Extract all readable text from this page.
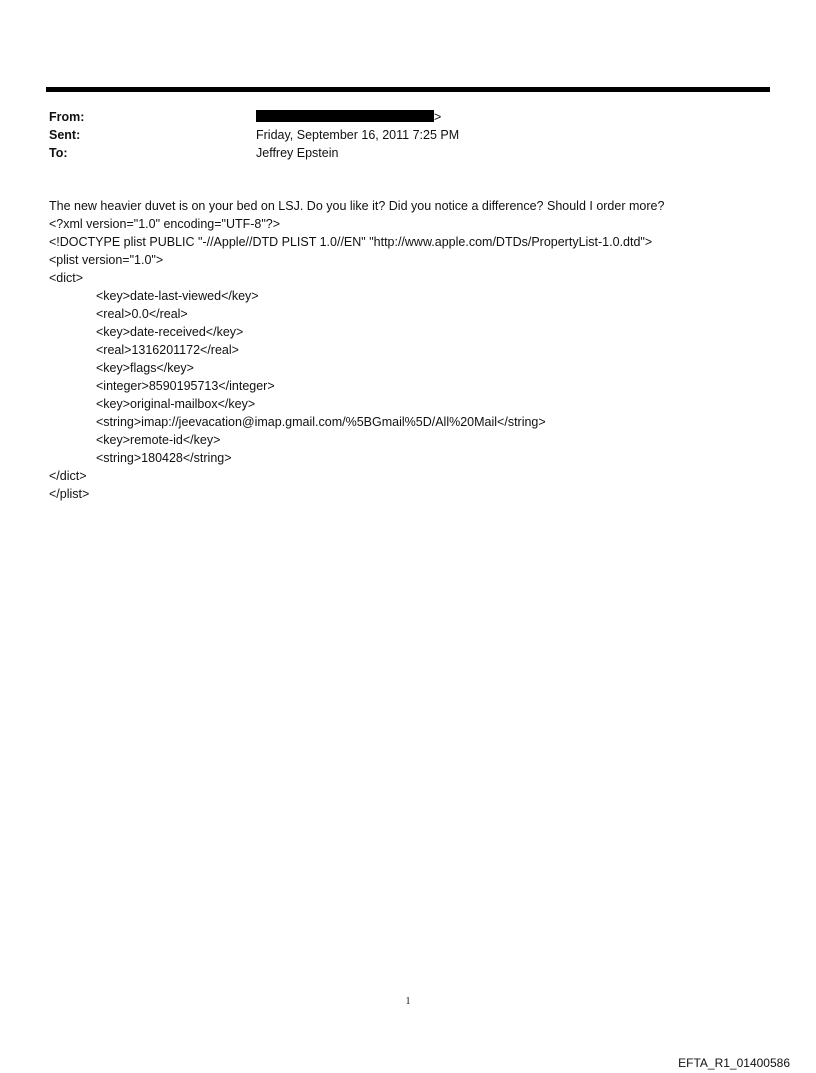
From:	>
Sent:	Friday, September 16, 2011 7:25 PM
To:	Jeffrey Epstein
The new heavier duvet is on your bed on LSJ. Do you like it? Did you notice a difference? Should I order more?
<?xml version="1.0" encoding="UTF-8"?>
<!DOCTYPE plist PUBLIC "-//Apple//DTD PLIST 1.0//EN" "http://www.apple.com/DTDs/PropertyList-1.0.dtd">
<plist version="1.0">
<dict>
<key>date-last-viewed</key>
<real>0.0</real>
<key>date-received</key>
<real>1316201172</real>
<key>flags</key>
<integer>8590195713</integer>
<key>original-mailbox</key>
<string>imap://jeevacation@imap.gmail.com/%5BGmail%5D/All%20Mail</string>
<key>remote-id</key>
<string>180428</string>
</dict>
</plist>
1
EFTA_R1_01400586
